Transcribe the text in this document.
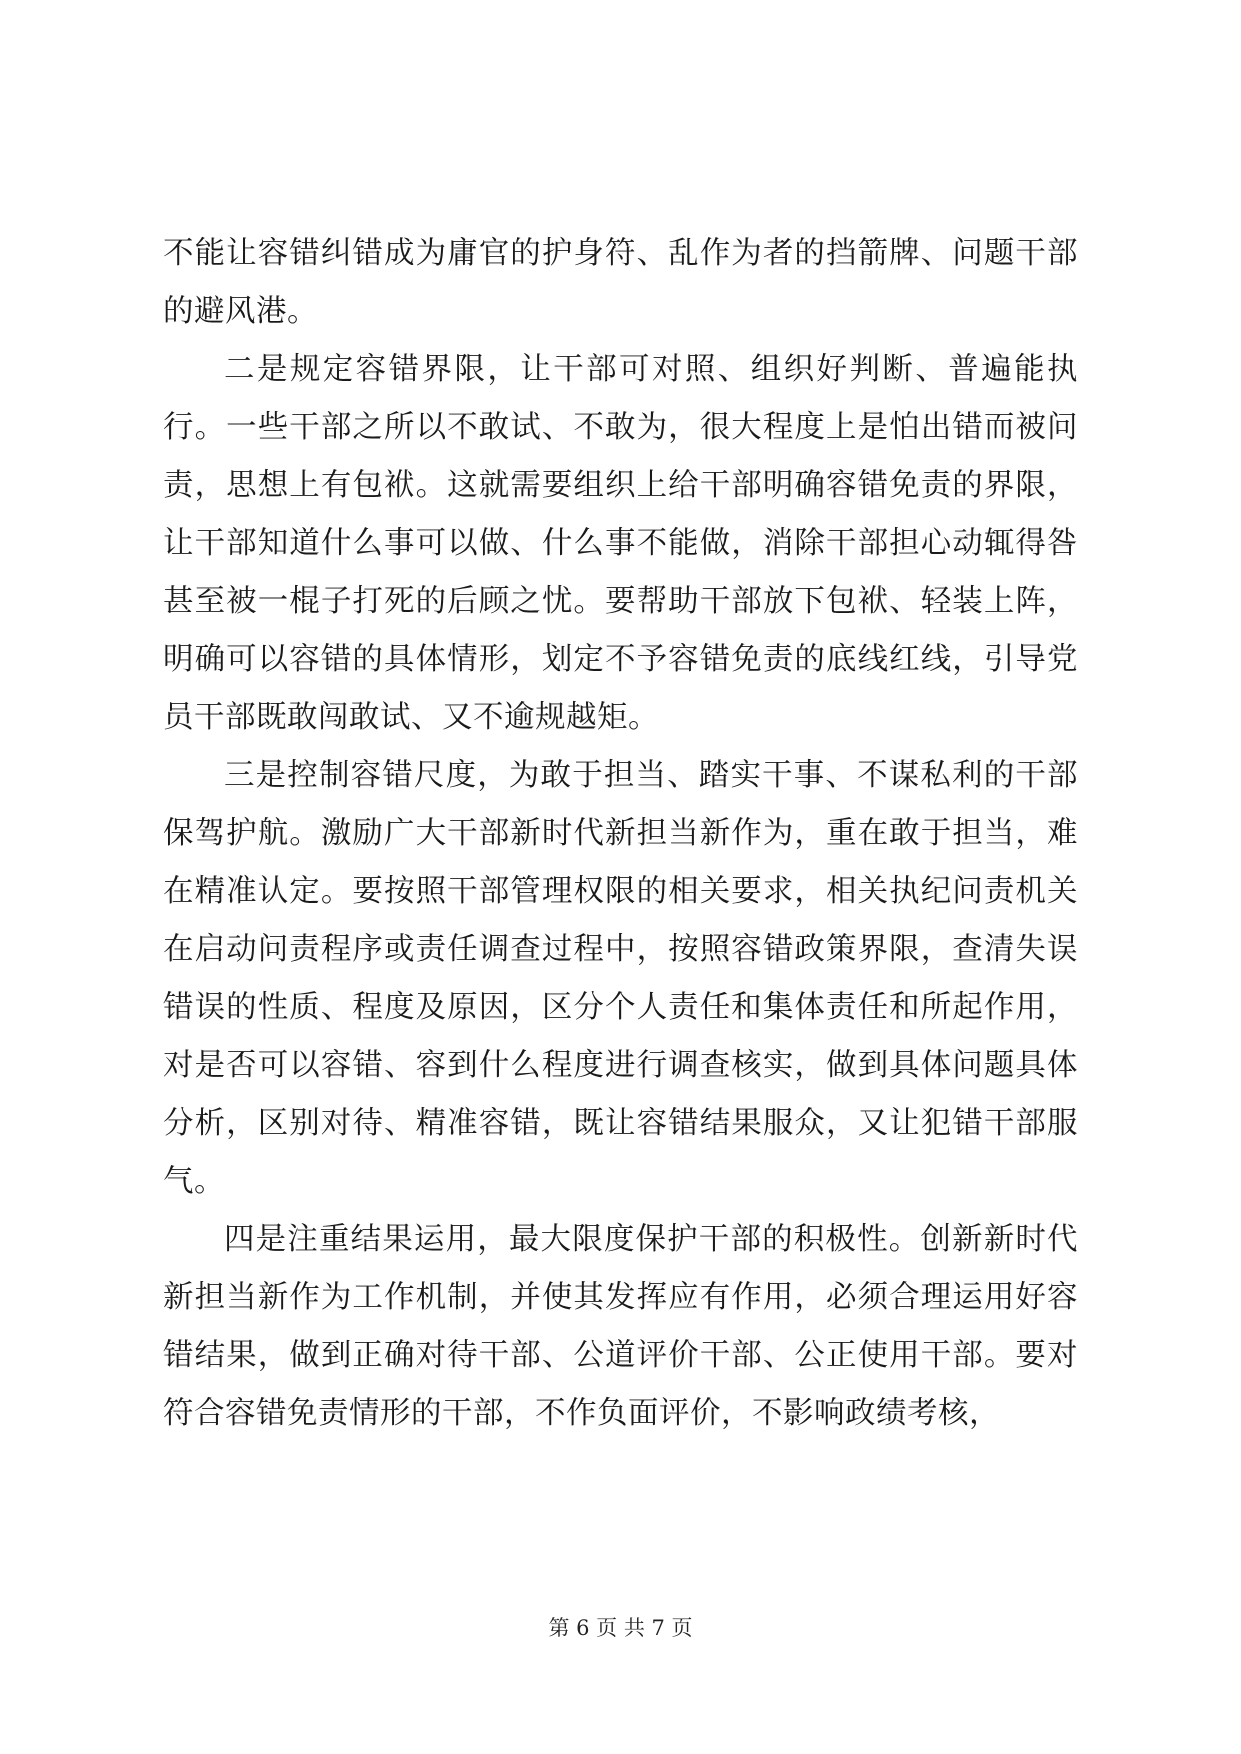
不能让容错纠错成为庸官的护身符、乱作为者的挡箭牌、问题干部的避风港。

二是规定容错界限，让干部可对照、组织好判断、普遍能执行。一些干部之所以不敢试、不敢为，很大程度上是怕出错而被问责，思想上有包袱。这就需要组织上给干部明确容错免责的界限，让干部知道什么事可以做、什么事不能做，消除干部担心动辄得咎甚至被一棍子打死的后顾之忧。要帮助干部放下包袱、轻装上阵，明确可以容错的具体情形，划定不予容错免责的底线红线，引导党员干部既敢闯敢试、又不逾规越矩。

三是控制容错尺度，为敢于担当、踏实干事、不谋私利的干部保驾护航。激励广大干部新时代新担当新作为，重在敢于担当，难在精准认定。要按照干部管理权限的相关要求，相关执纪问责机关在启动问责程序或责任调查过程中，按照容错政策界限，查清失误错误的性质、程度及原因，区分个人责任和集体责任和所起作用，对是否可以容错、容到什么程度进行调查核实，做到具体问题具体分析，区别对待、精准容错，既让容错结果服众，又让犯错干部服气。

四是注重结果运用，最大限度保护干部的积极性。创新新时代新担当新作为工作机制，并使其发挥应有作用，必须合理运用好容错结果，做到正确对待干部、公道评价干部、公正使用干部。要对符合容错免责情形的干部，不作负面评价，不影响政绩考核，

第 6 页 共 7 页
